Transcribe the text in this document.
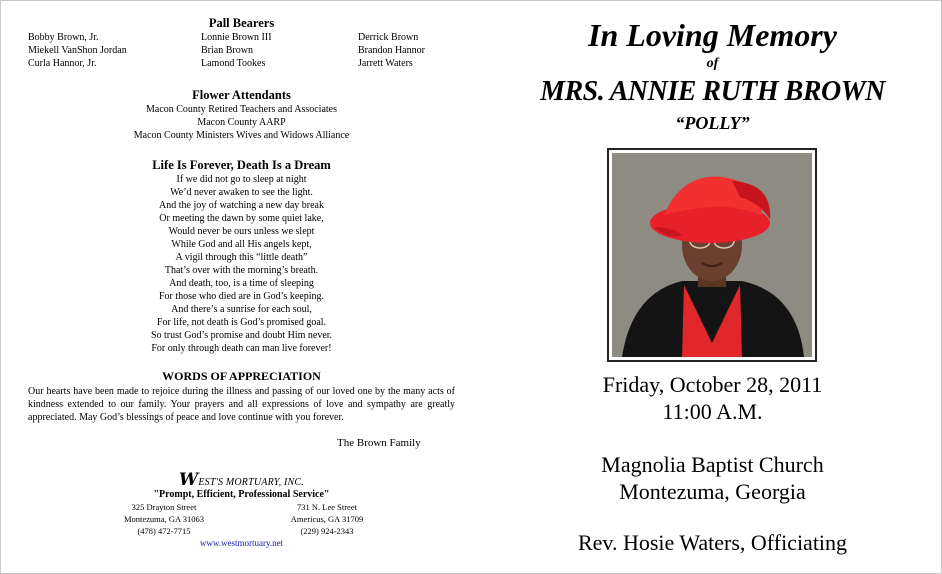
Pall Bearers
Bobby Brown, Jr.
Miekell VanShon Jordan
Curla Hannor, Jr.
Lonnie Brown III
Brian Brown
Lamond Tookes
Derrick Brown
Brandon Hannor
Jarrett Waters
Flower Attendants
Macon County Retired Teachers and Associates
Macon County AARP
Macon County Ministers Wives and Widows Alliance
Life Is Forever, Death Is a Dream
If we did not go to sleep at night
We’d never awaken to see the light.
And the joy of watching a new day break
Or meeting the dawn by some quiet lake,
Would never be ours unless we slept
While God and all His angels kept,
A vigil through this “little death”
That’s over with the morning’s breath.
And death, too, is a time of sleeping
For those who died are in God’s keeping.
And there’s a sunrise for each soul,
For life, not death is God’s promised goal.
So trust God’s promise and doubt Him never.
For only through death can man live forever!
WORDS OF APPRECIATION
Our hearts have been made to rejoice during the illness and passing of our loved one by the many acts of kindness extended to our family. Your prayers and all expressions of love and sympathy are greatly appreciated. May God’s blessings of peace and love continue with you forever.
The Brown Family
WEST'S MORTUARY, INC.
"Prompt, Efficient, Professional Service"
325 Drayton Street
Montezuma, GA 31063
(478) 472-7715
731 N. Lee Street
Americus, GA 31709
(229) 924-2343
www.westmortuary.net
In Loving Memory
of
MRS. ANNIE RUTH BROWN
“POLLY”
Friday, October 28, 2011
11:00 A.M.
Magnolia Baptist Church
Montezuma, Georgia
Rev. Hosie Waters, Officiating
